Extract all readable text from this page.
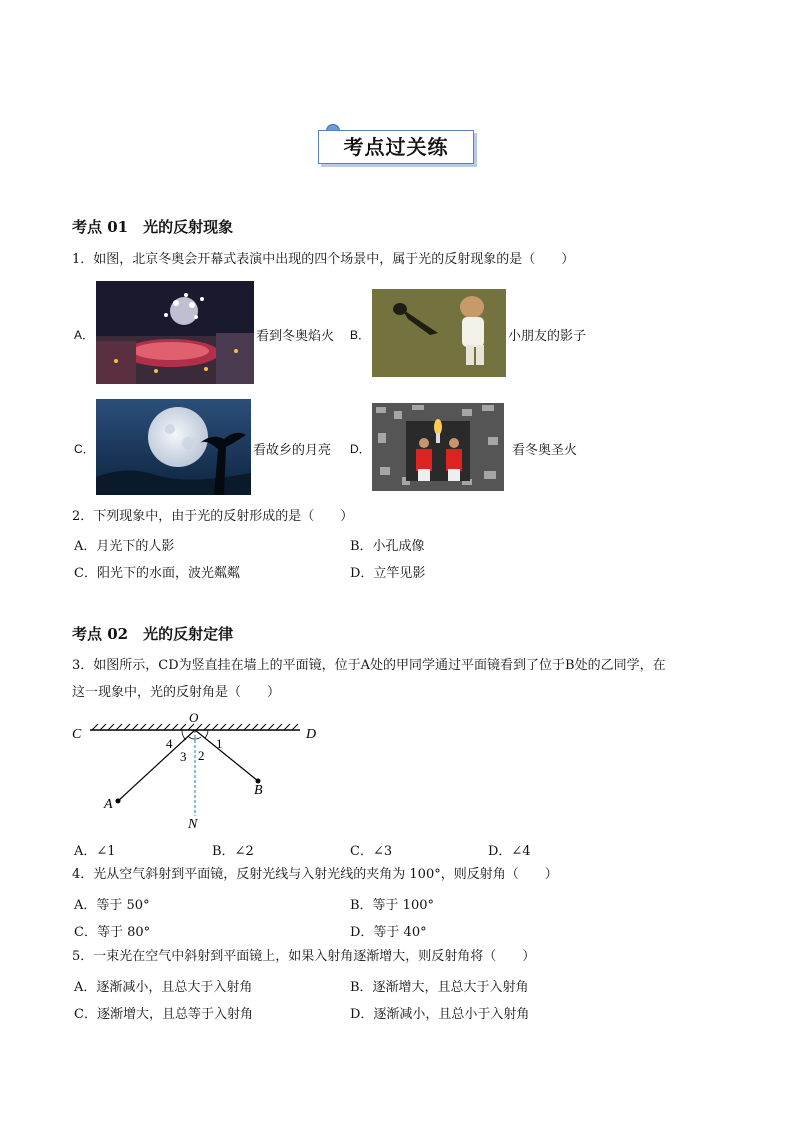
考点过关练
考点 01　光的反射现象
1．如图，北京冬奥会开幕式表演中出现的四个场景中，属于光的反射现象的是（　　）
A．	看到冬奥焰火 B．	小朋友的影子
C．	看故乡的月亮 D．	看冬奥圣火
2．下列现象中，由于光的反射形成的是（　　）
A．月光下的人影	B．小孔成像
C．阳光下的水面，波光粼粼	D．立竿见影
考点 02　光的反射定律
3．如图所示，CD为竖直挂在墙上的平面镜，位于A处的甲同学通过平面镜看到了位于B处的乙同学，在
这一现象中，光的反射角是（　　）
C	D
O
4
3 2
1
A
B
N
A．∠1	B．∠2	C．∠3	D．∠4
4．光从空气斜射到平面镜，反射光线与入射光线的夹角为 100°，则反射角（　　）
A．等于 50°	B．等于 100°
C．等于 80°	D．等于 40°
5．一束光在空气中斜射到平面镜上，如果入射角逐渐增大，则反射角将（　　）
A．逐渐减小，且总大于入射角	B．逐渐增大，且总大于入射角
C．逐渐增大，且总等于入射角	D．逐渐减小，且总小于入射角
